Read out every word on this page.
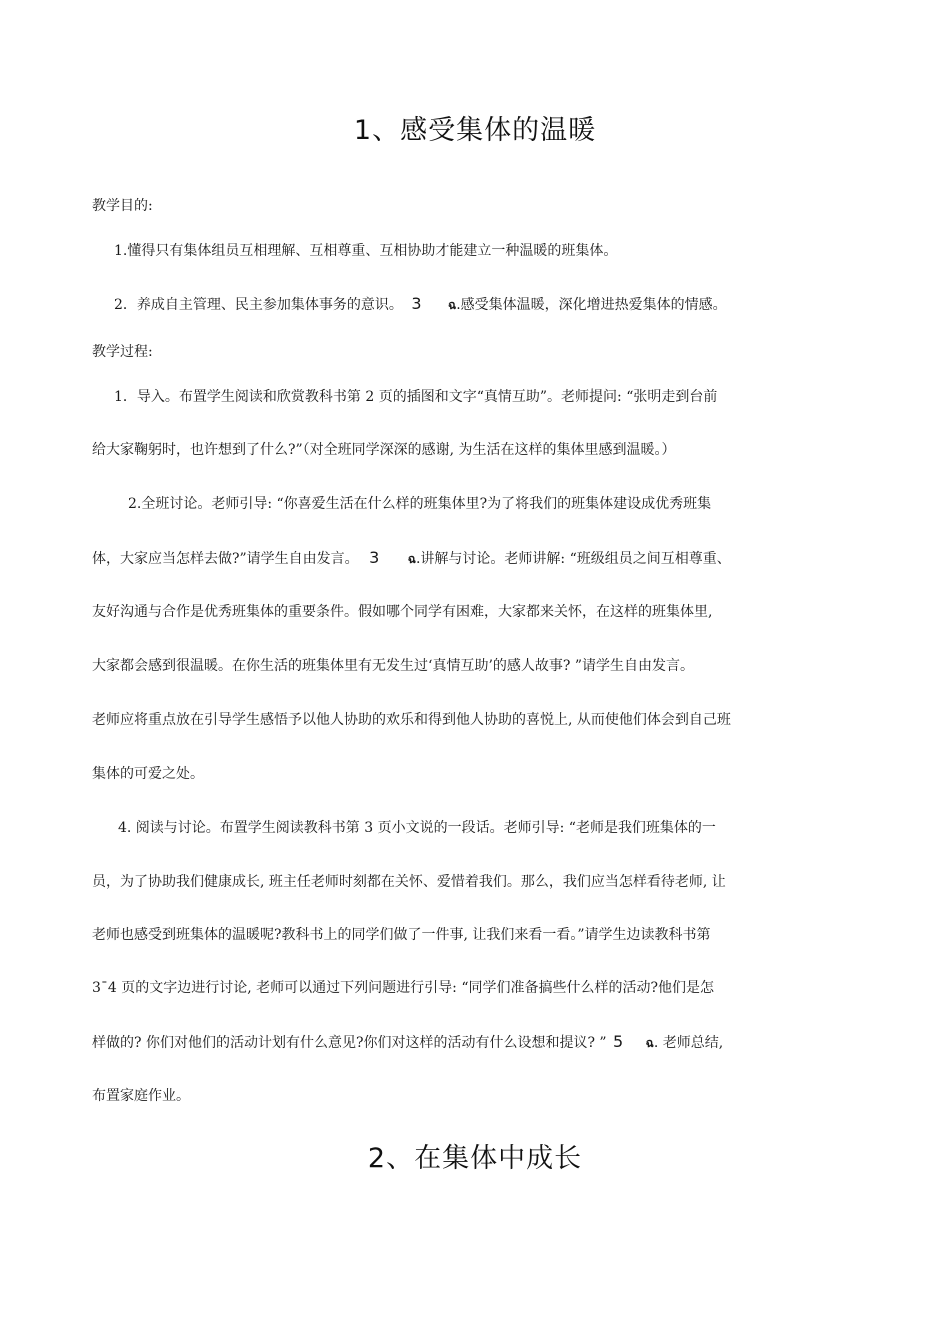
1、感受集体的温暖
教学目的:
1.懂得只有集体组员互相理解、互相尊重、互相协助才能建立一种温暖的班集体。
2．养成自主管理、民主参加集体事务的意识。 3 ฉ.感受集体温暖，深化增进热爱集体的情感。
教学过程:
1．导入。布置学生阅读和欣赏教科书第 2 页的插图和文字“真情互助”。老师提问: “张明走到台前
给大家鞠躬时，也许想到了什么?”（对全班同学深深的感谢, 为生活在这样的集体里感到温暖。）
2.全班讨论。老师引导: “你喜爱生活在什么样的班集体里?为了将我们的班集体建设成优秀班集
体，大家应当怎样去做?”请学生自由发言。 3 ฉ.讲解与讨论。老师讲解: “班级组员之间互相尊重、
友好沟通与合作是优秀班集体的重要条件。假如哪个同学有困难，大家都来关怀，在这样的班集体里,
大家都会感到很温暖。在你生活的班集体里有无发生过‘真情互助’的感人故事? ”请学生自由发言。
老师应将重点放在引导学生感悟予以他人协助的欢乐和得到他人协助的喜悦上, 从而使他们体会到自己班
集体的可爱之处。
4. 阅读与讨论。布置学生阅读教科书第 3 页小文说的一段话。老师引导: “老师是我们班集体的一
员，为了协助我们健康成长, 班主任老师时刻都在关怀、爱惜着我们。那么，我们应当怎样看待老师, 让
老师也感受到班集体的温暖呢?教科书上的同学们做了一件事, 让我们来看一看。”请学生边读教科书第
3¯4 页的文字边进行讨论, 老师可以通过下列问题进行引导: “同学们准备搞些什么样的活动?他们是怎
样做的? 你们对他们的活动计划有什么意见?你们对这样的活动有什么设想和提议? ” 5 ฉ. 老师总结,
布置家庭作业。
2、在集体中成长
